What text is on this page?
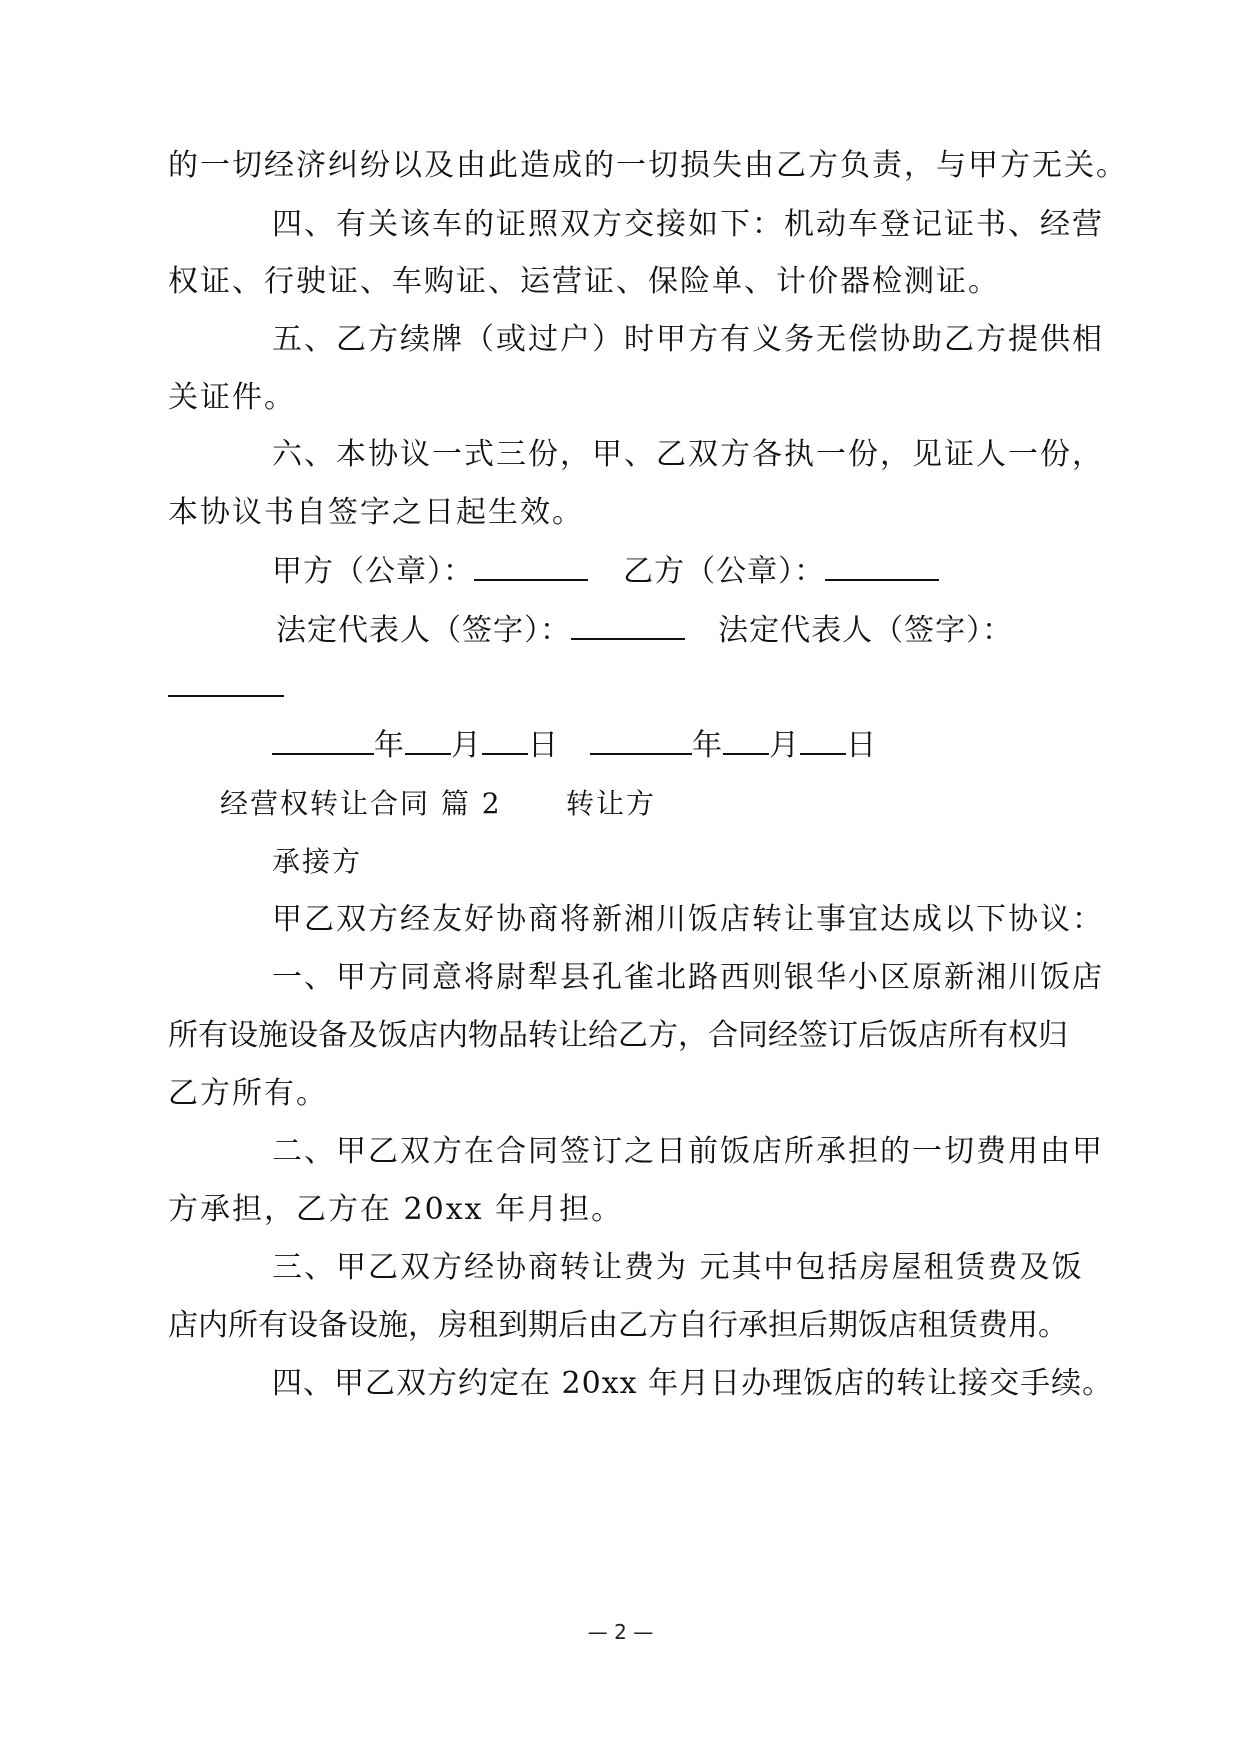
的一切经济纠纷以及由此造成的一切损失由乙方负责，与甲方无关。
四、有关该车的证照双方交接如下：机动车登记证书、经营
权证、行驶证、车购证、运营证、保险单、计价器检测证。
五、乙方续牌（或过户）时甲方有义务无偿协助乙方提供相
关证件。
六、本协议一式三份，甲、乙双方各执一份，见证人一份，
本协议书自签字之日起生效。
甲方（公章）：	乙方（公章）：
法定代表人（签字）：	法定代表人（签字）：
年 月 日	年 月 日
经营权转让合同 篇 2 转让方
承接方
甲乙双方经友好协商将新湘川饭店转让事宜达成以下协议：
一、甲方同意将尉犁县孔雀北路西则银华小区原新湘川饭店
所有设施设备及饭店内物品转让给乙方，合同经签订后饭店所有权归
乙方所有。
二、甲乙双方在合同签订之日前饭店所承担的一切费用由甲
方承担，乙方在 20xx 年月担。
三、甲乙双方经协商转让费为 元其中包括房屋租赁费及饭
店内所有设备设施，房租到期后由乙方自行承担后期饭店租赁费用。
四、甲乙双方约定在 20xx 年月日办理饭店的转让接交手续。
— 2 —
